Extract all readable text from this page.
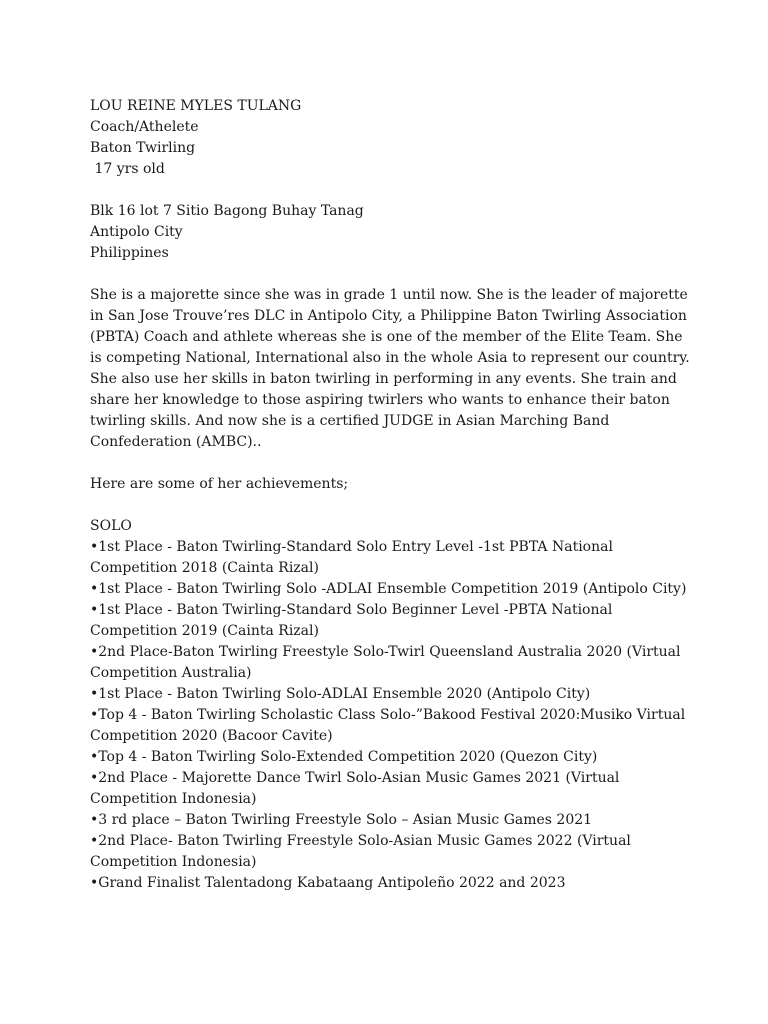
LOU REINE MYLES TULANG
Coach/Athelete
Baton Twirling
17 yrs old
Blk 16 lot 7 Sitio Bagong Buhay Tanag
Antipolo City
Philippines
She is a majorette since she was in grade 1 until now. She is the leader of majorette
in San Jose Trouve’res DLC in Antipolo City, a Philippine Baton Twirling Association
(PBTA) Coach and athlete whereas she is one of the member of the Elite Team. She
is competing National, International also in the whole Asia to represent our country.
She also use her skills in baton twirling in performing in any events. She train and
share her knowledge to those aspiring twirlers who wants to enhance their baton
twirling skills. And now she is a certified JUDGE in Asian Marching Band
Confederation (AMBC)..
Here are some of her achievements;
SOLO
•1st Place - Baton Twirling-Standard Solo Entry Level -1st PBTA National
Competition 2018 (Cainta Rizal)
•1st Place - Baton Twirling Solo -ADLAI Ensemble Competition 2019 (Antipolo City)
•1st Place - Baton Twirling-Standard Solo Beginner Level -PBTA National
Competition 2019 (Cainta Rizal)
•2nd Place-Baton Twirling Freestyle Solo-Twirl Queensland Australia 2020 (Virtual
Competition Australia)
•1st Place - Baton Twirling Solo-ADLAI Ensemble 2020 (Antipolo City)
•Top 4 - Baton Twirling Scholastic Class Solo-”Bakood Festival 2020:Musiko Virtual
Competition 2020 (Bacoor Cavite)
•Top 4 - Baton Twirling Solo-Extended Competition 2020 (Quezon City)
•2nd Place - Majorette Dance Twirl Solo-Asian Music Games 2021 (Virtual
Competition Indonesia)
•3 rd place – Baton Twirling Freestyle Solo – Asian Music Games 2021
•2nd Place- Baton Twirling Freestyle Solo-Asian Music Games 2022 (Virtual
Competition Indonesia)
•Grand Finalist Talentadong Kabataang Antipoleño 2022 and 2023
